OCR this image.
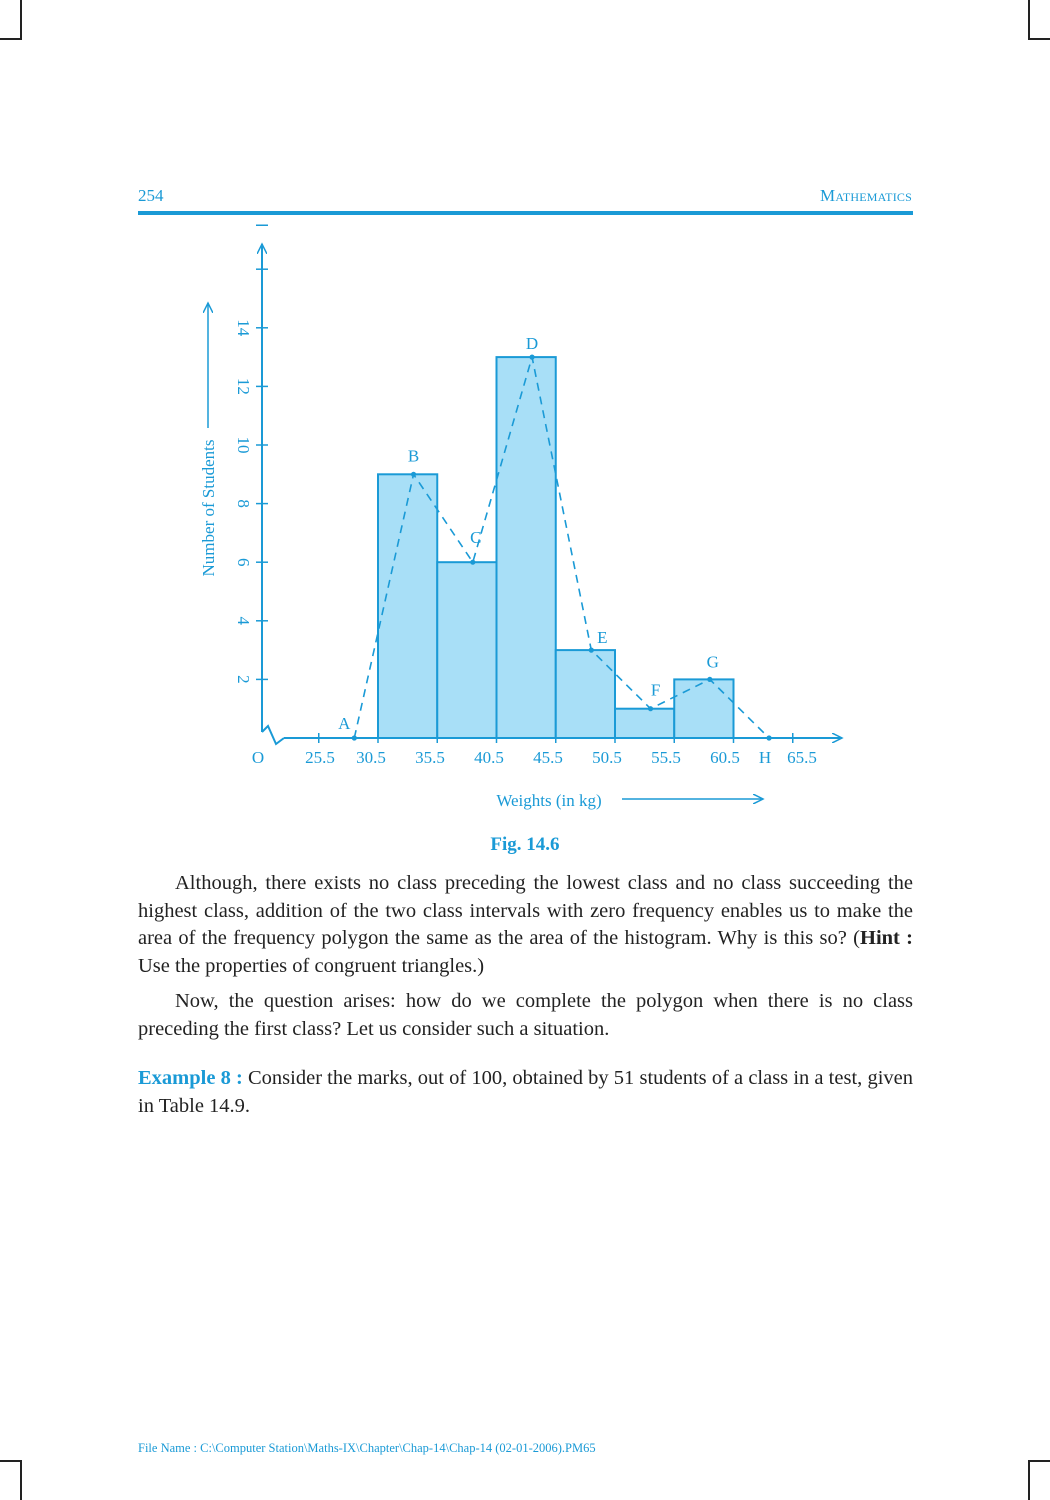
254	Mathematics
2
4
6
8
10
12
14
25.5 30.5 35.5 40.5 45.5 50.5 55.5 60.5 H 65.5
O
Weights (in kg)
Number of Students
A
B
C
D
E
F
G
Fig. 14.6

Although, there exists no class preceding the lowest class and no class succeeding the highest class, addition of the two class intervals with zero frequency enables us to make the area of the frequency polygon the same as the area of the histogram. Why is this so? (Hint : Use the properties of congruent triangles.)

Now, the question arises: how do we complete the polygon when there is no class preceding the first class? Let us consider such a situation.

Example 8 : Consider the marks, out of 100, obtained by 51 students of a class in a test, given in Table 14.9.
File Name : C:\Computer Station\Maths-IX\Chapter\Chap-14\Chap-14 (02-01-2006).PM65
